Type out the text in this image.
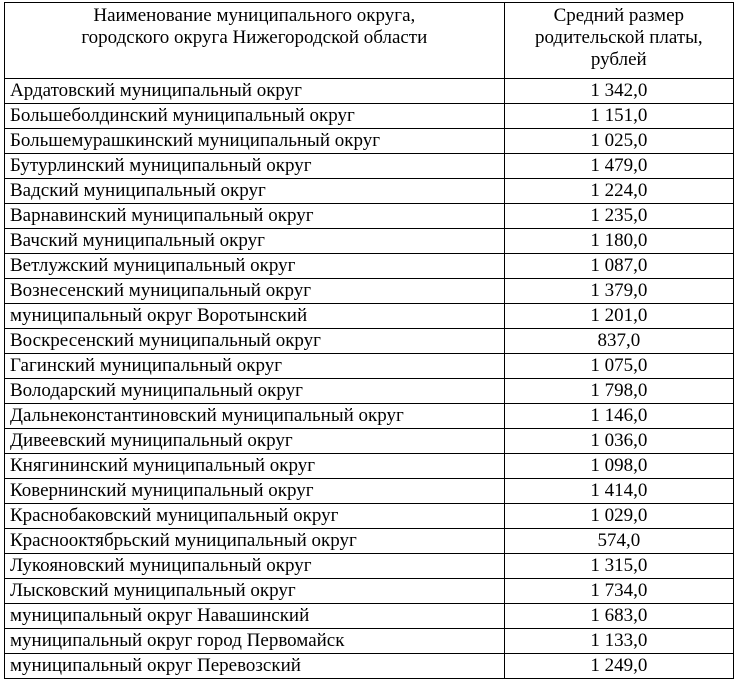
Наименование муниципального округа,
городского округа Нижегородской области	Средний размер
родительской платы,
рублей

Ардатовский муниципальный округ	1 342,0
Большеболдинский муниципальный округ	1 151,0
Большемурашкинский муниципальный округ	1 025,0
Бутурлинский муниципальный округ	1 479,0
Вадский муниципальный округ	1 224,0
Варнавинский муниципальный округ	1 235,0
Вачский муниципальный округ	1 180,0
Ветлужский муниципальный округ	1 087,0
Вознесенский муниципальный округ	1 379,0
муниципальный округ Воротынский	1 201,0
Воскресенский муниципальный округ	837,0
Гагинский муниципальный округ	1 075,0
Володарский муниципальный округ	1 798,0
Дальнеконстантиновский муниципальный округ	1 146,0
Дивеевский муниципальный округ	1 036,0
Княгининский муниципальный округ	1 098,0
Ковернинский муниципальный округ	1 414,0
Краснобаковский муниципальный округ	1 029,0
Краснооктябрьский муниципальный округ	574,0
Лукояновский муниципальный округ	1 315,0
Лысковский муниципальный округ	1 734,0
муниципальный округ Навашинский	1 683,0
муниципальный округ город Первомайск	1 133,0
муниципальный округ Перевозский	1 249,0
